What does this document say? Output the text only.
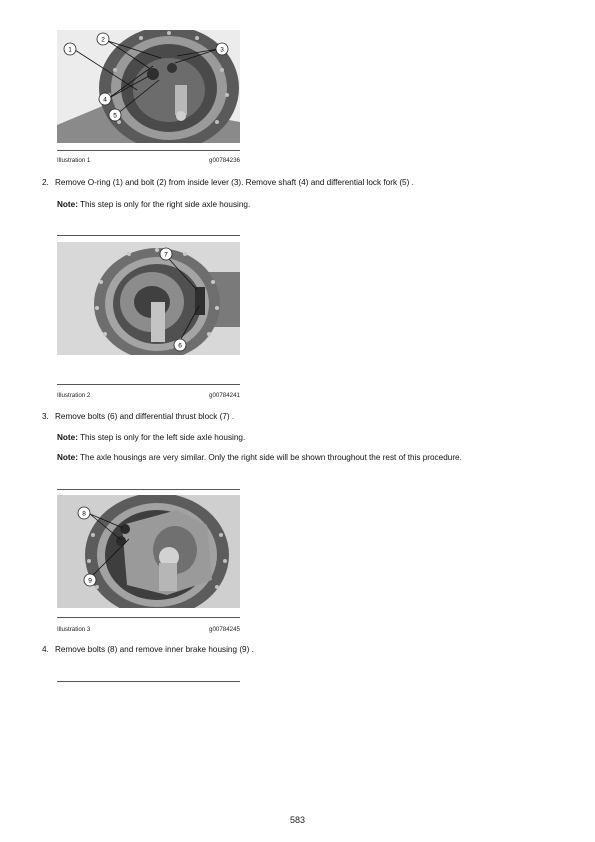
1
2
3
4
5
Illustration 1	g00784236
2. Remove O-ring (1) and bolt (2) from inside lever (3). Remove shaft (4) and differential lock fork (5) .
Note: This step is only for the right side axle housing.
7
6
Illustration 2	g00784241
3. Remove bolts (6) and differential thrust block (7) .
Note: This step is only for the left side axle housing.
Note: The axle housings are very similar. Only the right side will be shown throughout the rest of this procedure.
8
9
Illustration 3	g00784245
4. Remove bolts (8) and remove inner brake housing (9) .
583
